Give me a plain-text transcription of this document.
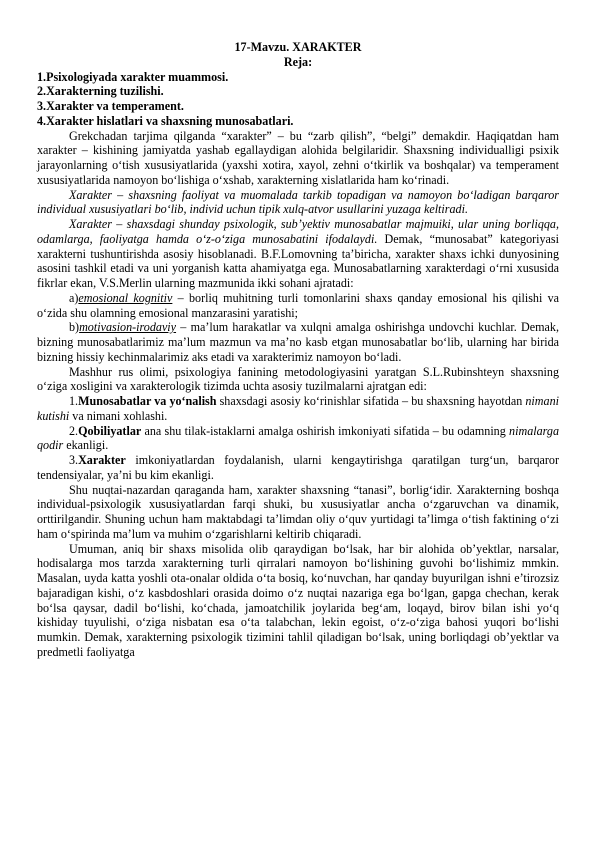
17-Mavzu. XARAKTER

Reja:

1.Psixologiyada xarakter muammosi.

2.Xarakterning tuzilishi.

3.Xarakter va temperament.

4.Xarakter hislatlari va shaxsning munosabatlari.

Grekchadan tarjima qilganda “xarakter” – bu “zarb qilish”, “belgi” demakdir. Haqiqatdan ham xarakter – kishining jamiyatda yashab egallaydigan alohida belgilaridir. Shaxsning individualligi psixik jarayonlarning o‘tish xususiyatlarida (yaxshi xotira, xayol, zehni o‘tkirlik va boshqalar) va temperament xususiyatlarida namoyon bo‘lishiga o‘xshab, xarakterning xislatlarida ham ko‘rinadi.

Xarakter – shaxsning faoliyat va muomalada tarkib topadigan va namoyon bo‘ladigan barqaror individual xususiyatlari bo‘lib, individ uchun tipik xulq-atvor usullarini yuzaga keltiradi.

Xarakter – shaxsdagi shunday psixologik, sub’yektiv munosabatlar majmuiki, ular uning borliqqa, odamlarga, faoliyatga hamda o‘z-o‘ziga munosabatini ifodalaydi. Demak, “munosabat” kategoriyasi xarakterni tushuntirishda asosiy hisoblanadi. B.F.Lomovning ta’biricha, xarakter shaxs ichki dunyosining asosini tashkil etadi va uni yorganish katta ahamiyatga ega. Munosabatlarning xarakterdagi o‘rni xususida fikrlar ekan, V.S.Merlin ularning mazmunida ikki sohani ajratadi:

a)emosional kognitiv – borliq muhitning turli tomonlarini shaxs qanday emosional his qilishi va o‘zida shu olamning emosional manzarasini yaratishi;

b)motivasion-irodaviy – ma’lum harakatlar va xulqni amalga oshirishga undovchi kuchlar. Demak, bizning munosabatlarimiz ma’lum mazmun va ma’no kasb etgan munosabatlar bo‘lib, ularning har birida bizning hissiy kechinmalarimiz aks etadi va xarakterimiz namoyon bo‘ladi.

Mashhur rus olimi, psixologiya fanining metodologiyasini yaratgan S.L.Rubinshteyn shaxsning o‘ziga xosligini va xarakterologik tizimda uchta asosiy tuzilmalarni ajratgan edi:

1.Munosabatlar va yo‘nalish shaxsdagi asosiy ko‘rinishlar sifatida – bu shaxsning hayotdan nimani kutishi va nimani xohlashi.

2.Qobiliyatlar ana shu tilak-istaklarni amalga oshirish imkoniyati sifatida – bu odamning nimalarga qodir ekanligi.

3.Xarakter imkoniyatlardan foydalanish, ularni kengaytirishga qaratilgan turg‘un, barqaror tendensiyalar, ya’ni bu kim ekanligi.

Shu nuqtai-nazardan qaraganda ham, xarakter shaxsning “tanasi”, borlig‘idir. Xarakterning boshqa individual-psixologik xususiyatlardan farqi shuki, bu xususiyatlar ancha o‘zgaruvchan va dinamik, orttirilgandir. Shuning uchun ham maktabdagi ta’limdan oliy o‘quv yurtidagi ta’limga o‘tish faktining o‘zi ham o‘spirinda ma’lum va muhim o‘zgarishlarni keltirib chiqaradi.

Umuman, aniq bir shaxs misolida olib qaraydigan bo‘lsak, har bir alohida ob’yektlar, narsalar, hodisalarga mos tarzda xarakterning turli qirralari namoyon bo‘lishining guvohi bo‘lishimiz mmkin. Masalan, uyda katta yoshli ota-onalar oldida o‘ta bosiq, ko‘nuvchan, har qanday buyurilgan ishni e’tirozsiz bajaradigan kishi, o‘z kasbdoshlari orasida doimo o‘z nuqtai nazariga ega bo‘lgan, gapga chechan, kerak bo‘lsa qaysar, dadil bo‘lishi, ko‘chada, jamoatchilik joylarida beg‘am, loqayd, birov bilan ishi yo‘q kishiday tuyulishi, o‘ziga nisbatan esa o‘ta talabchan, lekin egoist, o‘z-o‘ziga bahosi yuqori bo‘lishi mumkin. Demak, xarakterning psixologik tizimini tahlil qiladigan bo‘lsak, uning borliqdagi ob’yektlar va predmetli faoliyatga
